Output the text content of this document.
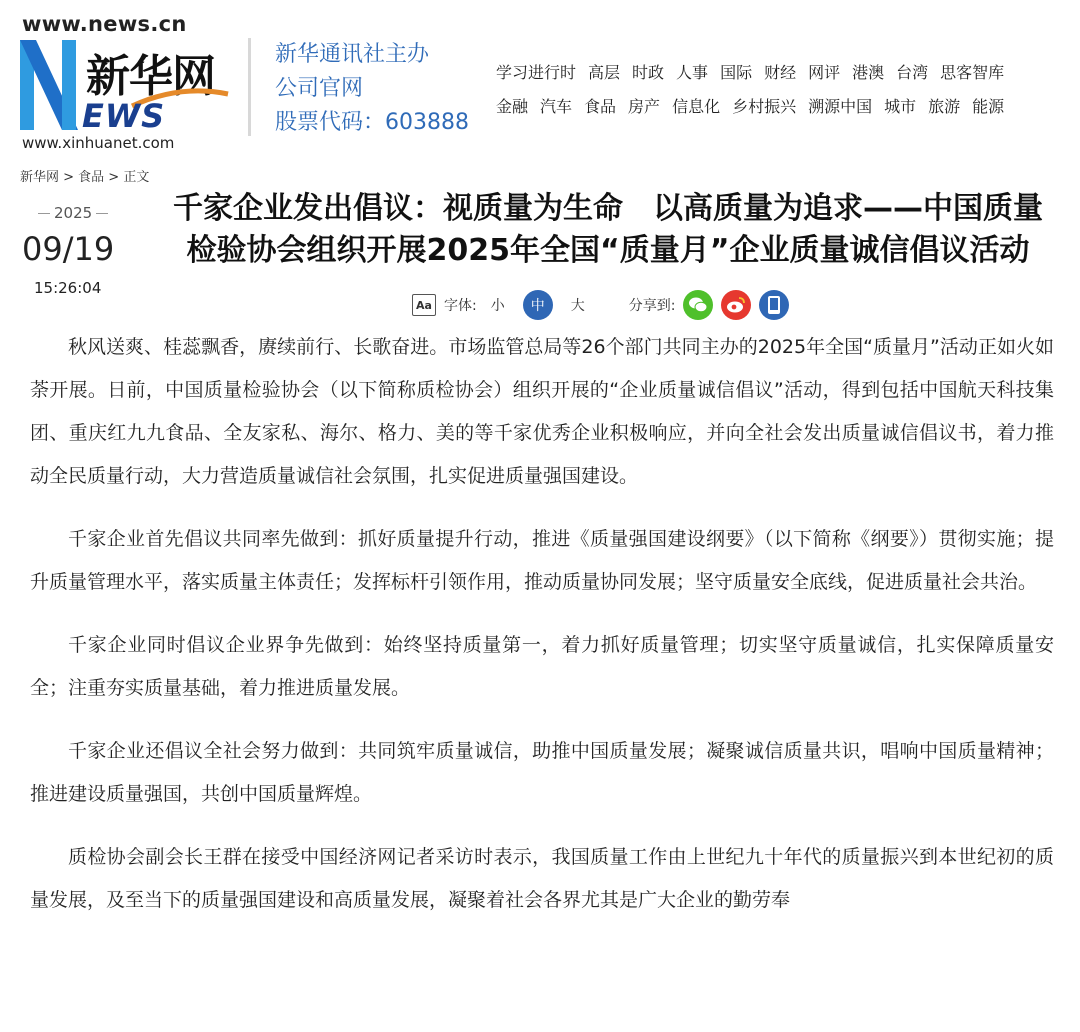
www.news.cn
新华网
EWS
www.xinhuanet.com
新华通讯社主办
公司官网
股票代码：603888
学习进行时 高层 时政 人事 国际 财经 网评 港澳 台湾 思客智库
金融 汽车 食品 房产 信息化 乡村振兴 溯源中国 城市 旅游 能源
新华网 > 食品 > 正文
2025
09/19
15:26:04
千家企业发出倡议：视质量为生命　以高质量为追求——中国质量
检验协会组织开展2025年全国“质量月”企业质量诚信倡议活动
Aa 字体: 小	中	大	分享到:

秋风送爽、桂蕊飘香，赓续前行、长歌奋进。市场监管总局等26个部门共同主办的2025年全国“质量月”活动正如火如荼开展。日前，中国质量检验协会（以下简称质检协会）组织开展的“企业质量诚信倡议”活动，得到包括中国航天科技集团、重庆红九九食品、全友家私、海尔、格力、美的等千家优秀企业积极响应，并向全社会发出质量诚信倡议书，着力推动全民质量行动，大力营造质量诚信社会氛围，扎实促进质量强国建设。

千家企业首先倡议共同率先做到：抓好质量提升行动，推进《质量强国建设纲要》（以下简称《纲要》）贯彻实施；提升质量管理水平，落实质量主体责任；发挥标杆引领作用，推动质量协同发展；坚守质量安全底线，促进质量社会共治。

千家企业同时倡议企业界争先做到：始终坚持质量第一，着力抓好质量管理；切实坚守质量诚信，扎实保障质量安全；注重夯实质量基础，着力推进质量发展。

千家企业还倡议全社会努力做到：共同筑牢质量诚信，助推中国质量发展；凝聚诚信质量共识，唱响中国质量精神；推进建设质量强国，共创中国质量辉煌。

质检协会副会长王群在接受中国经济网记者采访时表示，我国质量工作由上世纪九十年代的质量振兴到本世纪初的质量发展，及至当下的质量强国建设和高质量发展，凝聚着社会各界尤其是广大企业的勤劳奉
